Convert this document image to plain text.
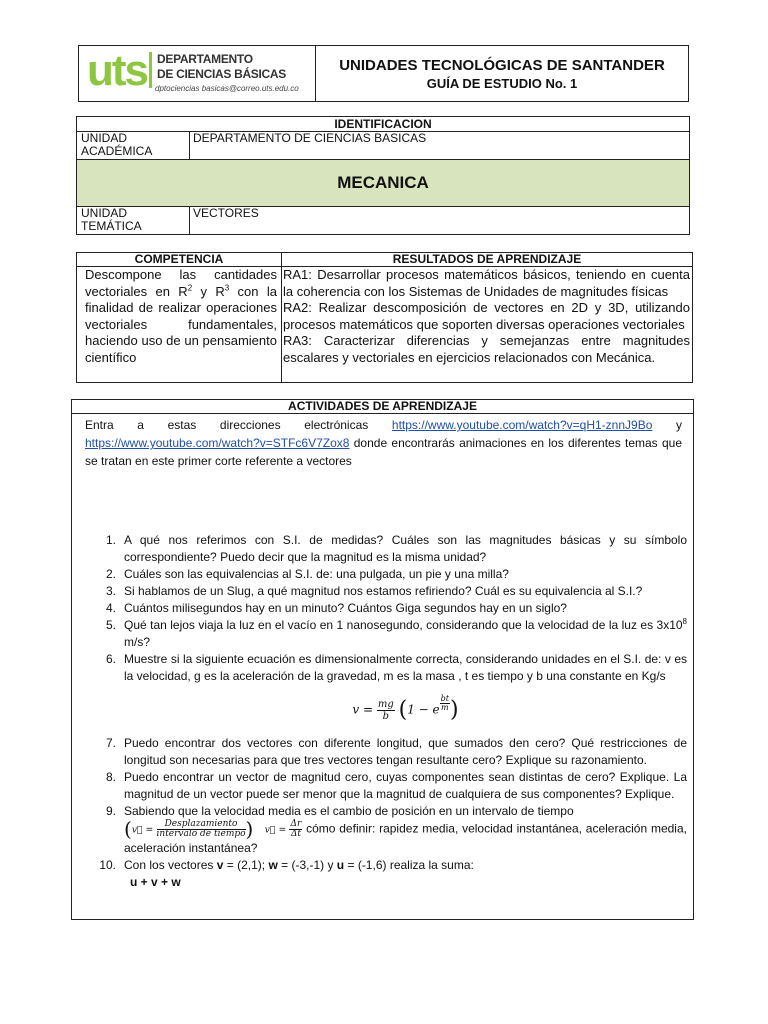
uts DEPARTAMENTO
DE CIENCIAS BÁSICAS
dptociencias basicas@correo.uts.edu.co

UNIDADES TECNOLÓGICAS DE SANTANDER
GUÍA DE ESTUDIO No. 1
IDENTIFICACION	
UNIDAD ACADÉMICA	DEPARTAMENTO DE CIENCIAS BASICAS
MECANICA	
UNIDAD TEMÁTICA	VECTORES
COMPETENCIA	RESULTADOS DE APRENDIZAJE
Descompone las cantidades vectoriales en $R^2$ y $R^3$ con la finalidad de realizar operaciones vectoriales fundamentales, haciendo uso de un pensamiento científico	RA1: Desarrollar procesos matemáticos básicos, teniendo en cuenta la coherencia con los Sistemas de Unidades de magnitudes físicas
RA2: Realizar descomposición de vectores en 2D y 3D, utilizando procesos matemáticos que soporten diversas operaciones vectoriales
RA3: Caracterizar diferencias y semejanzas entre magnitudes escalares y vectoriales en ejercicios relacionados con Mecánica.
ACTIVIDADES DE APRENDIZAJE

Entra a estas direcciones electrónicas https://www.youtube.com/watch?v=qH1-znnJ9Bo y https://www.youtube.com/watch?v=STFc6V7Zox8 donde encontrarás animaciones en los diferentes temas que se tratan en este primer corte referente a vectores
1. A qué nos referimos con S.I. de medidas? Cuáles son las magnitudes básicas y su símbolo correspondiente? Puedo decir que la magnitud es la misma unidad?
2. Cuáles son las equivalencias al S.I. de: una pulgada, un pie y una milla?
3. Si hablamos de un Slug, a qué magnitud nos estamos refiriendo? Cuál es su equivalencia al S.I.?
4. Cuántos milisegundos hay en un minuto? Cuántos Giga segundos hay en un siglo?
5. Qué tan lejos viaja la luz en el vacío en 1 nanosegundo, considerando que la velocidad de la luz es $3x10^8$ m/s?
6. Muestre si la siguiente ecuación es dimensionalmente correcta, considerando unidades en el S.I. de: v es la velocidad, g es la aceleración de la gravedad, m es la masa , t es tiempo y b una constante en Kg/s
$v = \frac{mg}{b} (1 - e$ $^{\frac{bt}{m}}$ )
7. Puedo encontrar dos vectores con diferente longitud, que sumados den cero? Qué restricciones de longitud son necesarias para que tres vectores tengan resultante cero? Explique su razonamiento.
8. Puedo encontrar un vector de magnitud cero, cuyas componentes sean distintas de cero? Explique. La magnitud de un vector puede ser menor que la magnitud de cualquiera de sus componentes? Explique.
9. Sabiendo que la velocidad media es el cambio de posición en un intervalo de tiempo
(v⃗ = $\frac{\text{Desplazamiento}}{\text{intervalo de tiempo}}$ ) v⃗ = $\frac{\Delta r}{\Delta t}$ cómo definir: rapidez media, velocidad instantánea, aceleración media, aceleración instantánea?
10. Con los vectores v = (2,1); w = (-3,-1) y u = (-1,6) realiza la suma:
u + v + w
